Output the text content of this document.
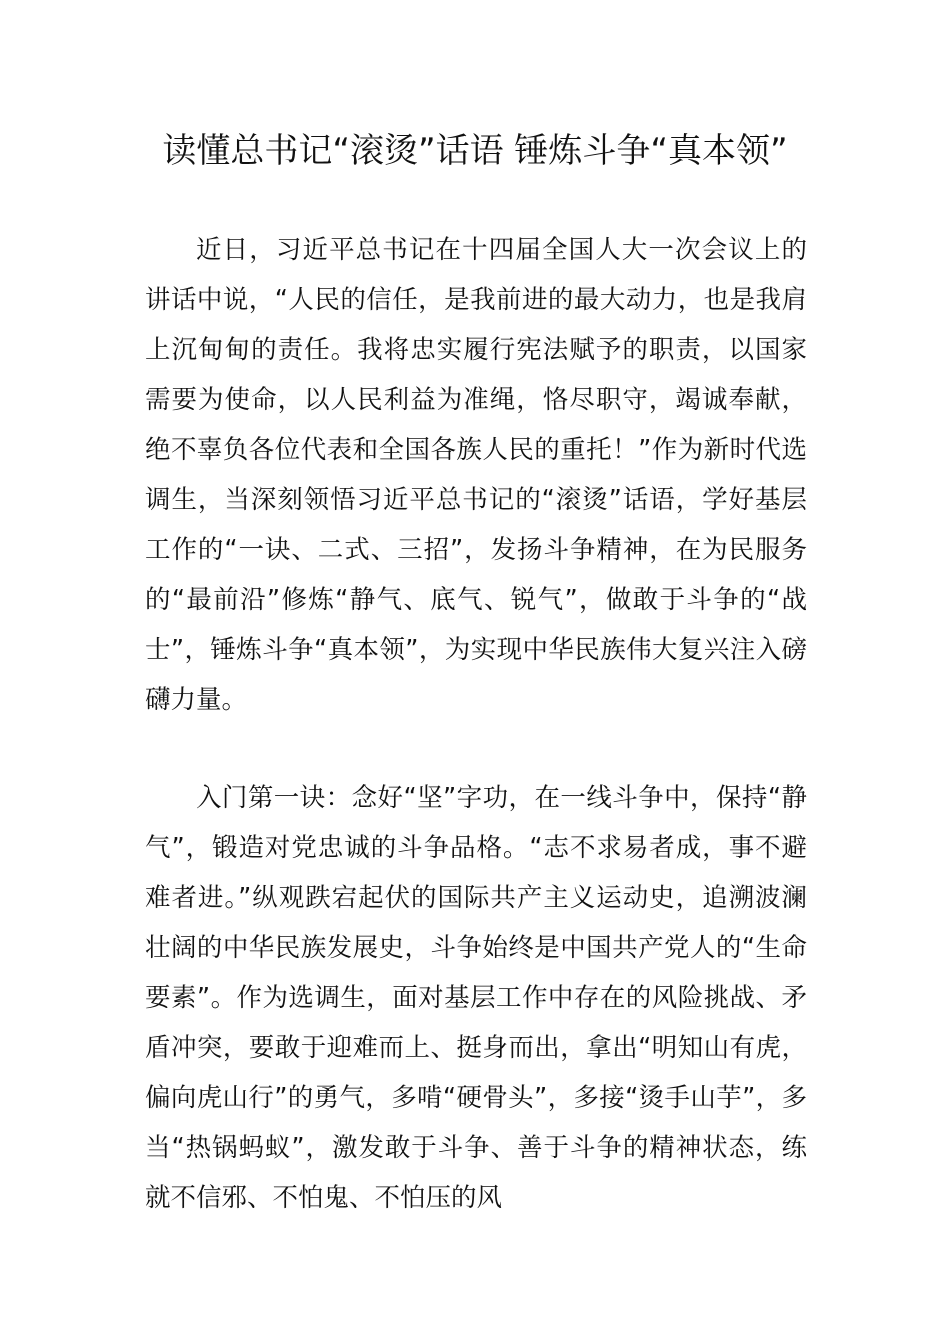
读懂总书记“滚烫”话语 锤炼斗争“真本领”

近日，习近平总书记在十四届全国人大一次会议上的讲话中说，“人民的信任，是我前进的最大动力，也是我肩上沉甸甸的责任。我将忠实履行宪法赋予的职责，以国家需要为使命，以人民利益为准绳，恪尽职守，竭诚奉献，绝不辜负各位代表和全国各族人民的重托！”作为新时代选调生，当深刻领悟习近平总书记的“滚烫”话语，学好基层工作的“一诀、二式、三招”，发扬斗争精神，在为民服务的“最前沿”修炼“静气、底气、锐气”，做敢于斗争的“战士”，锤炼斗争“真本领”，为实现中华民族伟大复兴注入磅礴力量。

入门第一诀：念好“坚”字功，在一线斗争中，保持“静气”，锻造对党忠诚的斗争品格。“志不求易者成，事不避难者进。”纵观跌宕起伏的国际共产主义运动史，追溯波澜壮阔的中华民族发展史，斗争始终是中国共产党人的“生命要素”。作为选调生，面对基层工作中存在的风险挑战、矛盾冲突，要敢于迎难而上、挺身而出，拿出“明知山有虎，偏向虎山行”的勇气，多啃“硬骨头”，多接“烫手山芋”，多当“热锅蚂蚁”，激发敢于斗争、善于斗争的精神状态，练就不信邪、不怕鬼、不怕压的风
